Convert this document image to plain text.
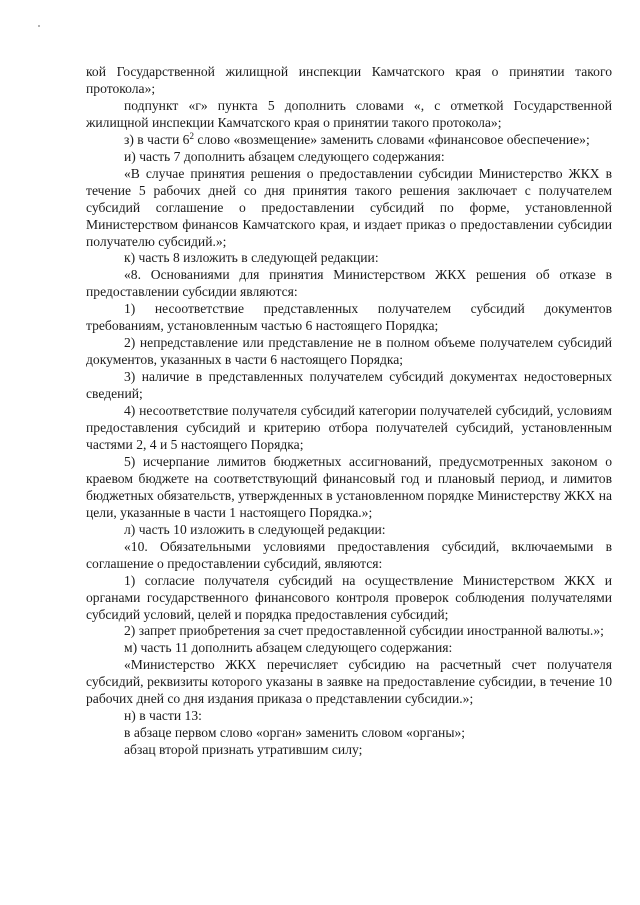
кой Государственной жилищной инспекции Камчатского края о принятии такого протокола»;

подпункт «г» пункта 5 дополнить словами «, с отметкой Государственной жилищной инспекции Камчатского края о принятии такого протокола»;

з) в части $6^2$ слово «возмещение» заменить словами «финансовое обеспечение»;

и) часть 7 дополнить абзацем следующего содержания:

«В случае принятия решения о предоставлении субсидии Министерство ЖКХ в течение 5 рабочих дней со дня принятия такого решения заключает с получателем субсидий соглашение о предоставлении субсидий по форме, установленной Министерством финансов Камчатского края, и издает приказ о предоставлении субсидии получателю субсидий.»;

к) часть 8 изложить в следующей редакции:

«8. Основаниями для принятия Министерством ЖКХ решения об отказе в предоставлении субсидии являются:

1) несоответствие представленных получателем субсидий документов требованиям, установленным частью 6 настоящего Порядка;

2) непредставление или представление не в полном объеме получателем субсидий документов, указанных в части 6 настоящего Порядка;

3) наличие в представленных получателем субсидий документах недостоверных сведений;

4) несоответствие получателя субсидий категории получателей субсидий, условиям предоставления субсидий и критерию отбора получателей субсидий, установленным частями 2, 4 и 5 настоящего Порядка;

5) исчерпание лимитов бюджетных ассигнований, предусмотренных законом о краевом бюджете на соответствующий финансовый год и плановый период, и лимитов бюджетных обязательств, утвержденных в установленном порядке Министерству ЖКХ на цели, указанные в части 1 настоящего Порядка.»;

л) часть 10 изложить в следующей редакции:

«10. Обязательными условиями предоставления субсидий, включаемыми в соглашение о предоставлении субсидий, являются:

1) согласие получателя субсидий на осуществление Министерством ЖКХ и органами государственного финансового контроля проверок соблюдения получателями субсидий условий, целей и порядка предоставления субсидий;

2) запрет приобретения за счет предоставленной субсидии иностранной валюты.»;

м) часть 11 дополнить абзацем следующего содержания:

«Министерство ЖКХ перечисляет субсидию на расчетный счет получателя субсидий, реквизиты которого указаны в заявке на предоставление субсидии, в течение 10 рабочих дней со дня издания приказа о представлении субсидии.»;

н) в части 13:

в абзаце первом слово «орган» заменить словом «органы»;

абзац второй признать утратившим силу;
